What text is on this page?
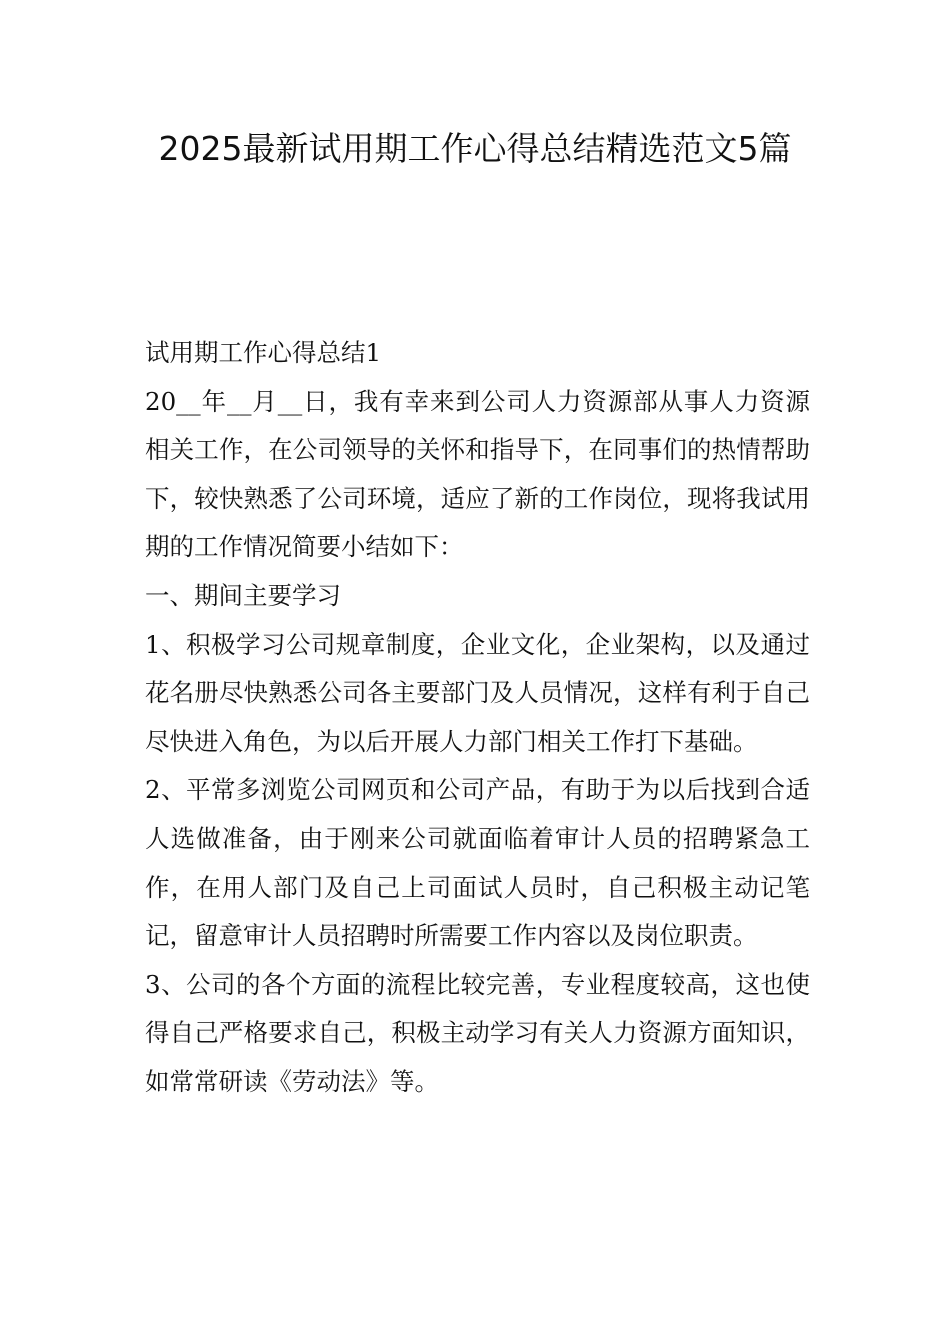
2025最新试用期工作心得总结精选范文5篇

试用期工作心得总结1

20__年__月__日，我有幸来到公司人力资源部从事人力资源相关工作，在公司领导的关怀和指导下，在同事们的热情帮助下，较快熟悉了公司环境，适应了新的工作岗位，现将我试用期的工作情况简要小结如下：

一、期间主要学习

1、积极学习公司规章制度，企业文化，企业架构，以及通过花名册尽快熟悉公司各主要部门及人员情况，这样有利于自己尽快进入角色，为以后开展人力部门相关工作打下基础。

2、平常多浏览公司网页和公司产品，有助于为以后找到合适人选做准备，由于刚来公司就面临着审计人员的招聘紧急工作，在用人部门及自己上司面试人员时，自己积极主动记笔记，留意审计人员招聘时所需要工作内容以及岗位职责。

3、公司的各个方面的流程比较完善，专业程度较高，这也使得自己严格要求自己，积极主动学习有关人力资源方面知识，如常常研读《劳动法》等。
